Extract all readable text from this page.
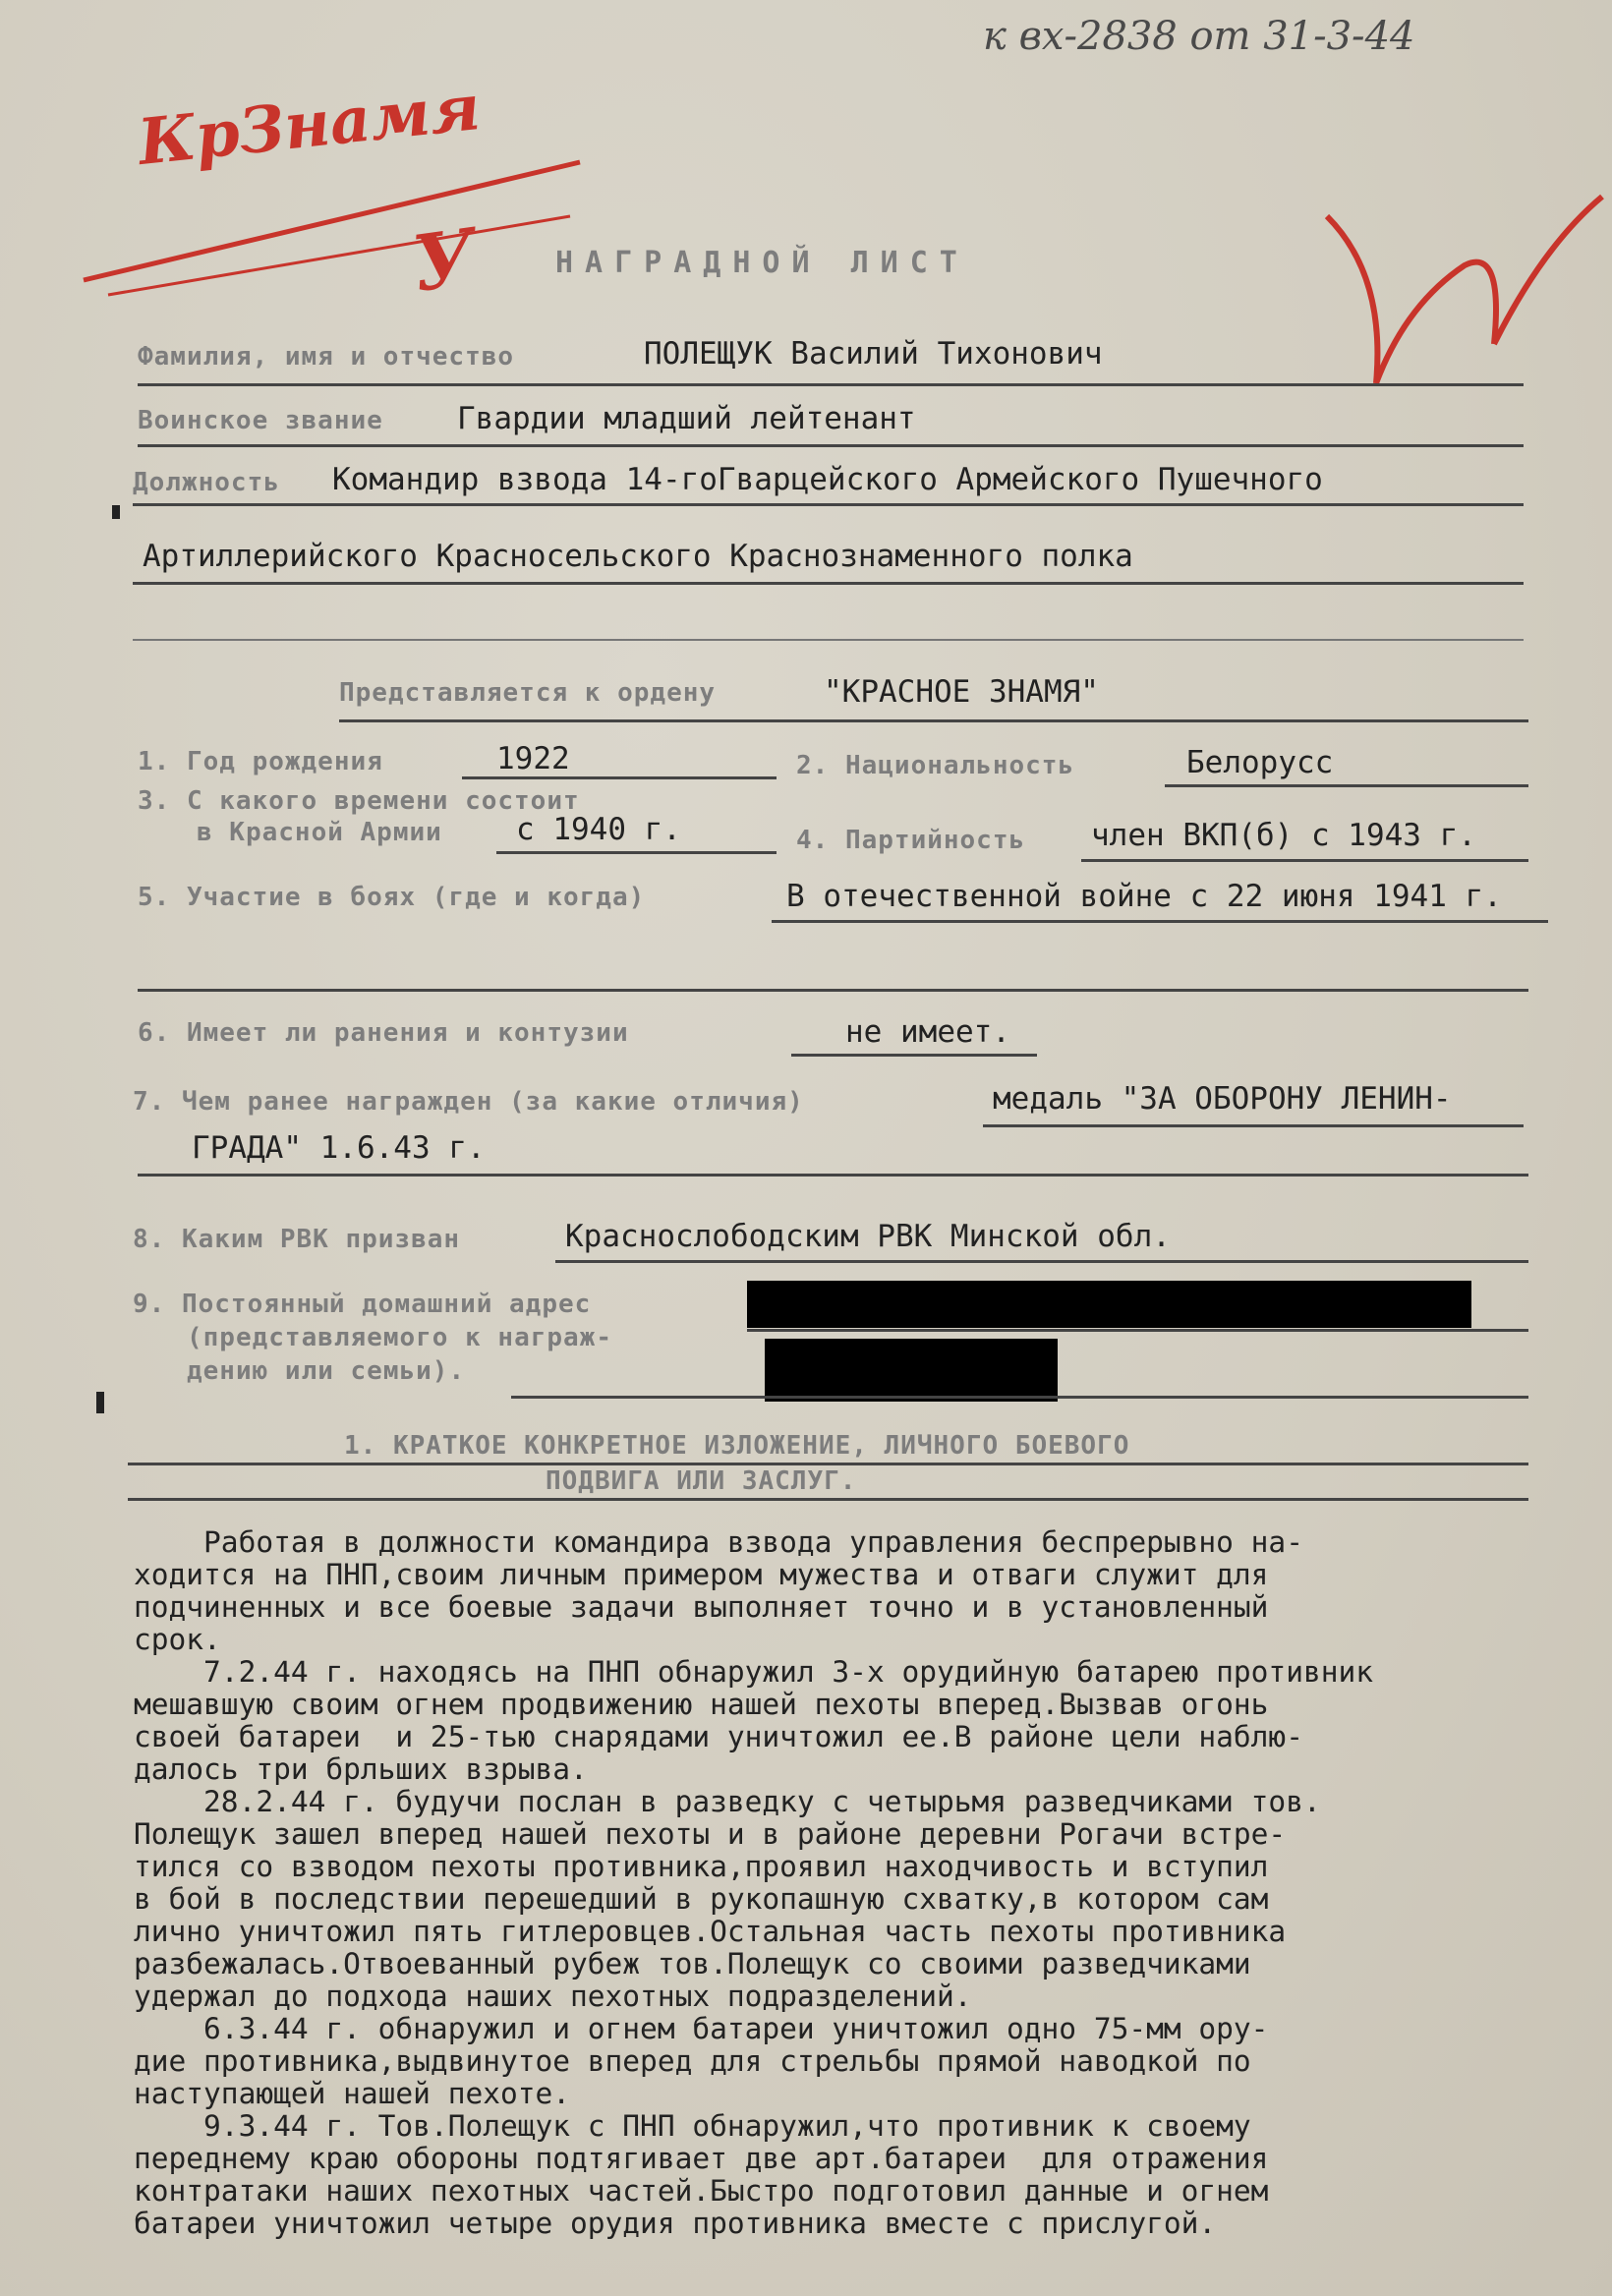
к вх-2838 от 31-3-44
КрЗнамя
У	НАГРАДНОЙ ЛИСТ
Фамилия, имя и отчество	ПОЛЕЩУК Василий Тихонович
Воинское звание Гвардии младший лейтенант
Должность Командир взвода 14-гоГварцейского Армейского Пушечного
Артиллерийского Красносельского Краснознаменного полка
Представляется к ордену	"КРАСНОЕ ЗНАМЯ"
1. Год рождения	1922	2. Национальность	Белорусс
3. С какого времени состоит
в Красной Армии с 1940 г.	4. Партийность член ВКП(б) с 1943 г.
5. Участие в боях (где и когда)	В отечественной войне с 22 июня 1941 г.
6. Имеет ли ранения и контузии	не имеет.
7. Чем ранее награжден (за какие отличия)	медаль "ЗА ОБОРОНУ ЛЕНИН-
ГРАДА" 1.6.43 г.
8. Каким РВК призван	Краснослободским РВК Минской обл.
9. Постоянный домашний адрес
(представляемого к награж-
дению или семьи).
1. КРАТКОЕ КОНКРЕТНОЕ ИЗЛОЖЕНИЕ, ЛИЧНОГО БОЕВОГО
ПОДВИГА ИЛИ ЗАСЛУГ.
Работая в должности командира взвода управления беспрерывно на-
ходится на ПНП,своим личным примером мужества и отваги служит для
подчиненных и все боевые задачи выполняет точно и в установленный
срок.
7.2.44 г. находясь на ПНП обнаружил 3-х орудийную батарею противник
мешавшую своим огнем продвижению нашей пехоты вперед.Вызвав огонь
своей батареи  и 25-тью снарядами уничтожил ее.В районе цели наблю-
далось три брльших взрыва.
28.2.44 г. будучи послан в разведку с четырьмя разведчиками тов.
Полещук зашел вперед нашей пехоты и в районе деревни Рогачи встре-
тился со взводом пехоты противника,проявил находчивость и вступил
в бой в последствии перешедший в рукопашную схватку,в котором сам
лично уничтожил пять гитлеровцев.Остальная часть пехоты противника
разбежалась.Отвоеванный рубеж тов.Полещук со своими разведчиками
удержал до подхода наших пехотных подразделений.
6.3.44 г. обнаружил и огнем батареи уничтожил одно 75-мм ору-
дие противника,выдвинутое вперед для стрельбы прямой наводкой по
наступающей нашей пехоте.
9.3.44 г. Тов.Полещук с ПНП обнаружил,что противник к своему
переднему краю обороны подтягивает две арт.батареи  для отражения
контратаки наших пехотных частей.Быстро подготовил данные и огнем
батареи уничтожил четыре орудия противника вместе с прислугой.
